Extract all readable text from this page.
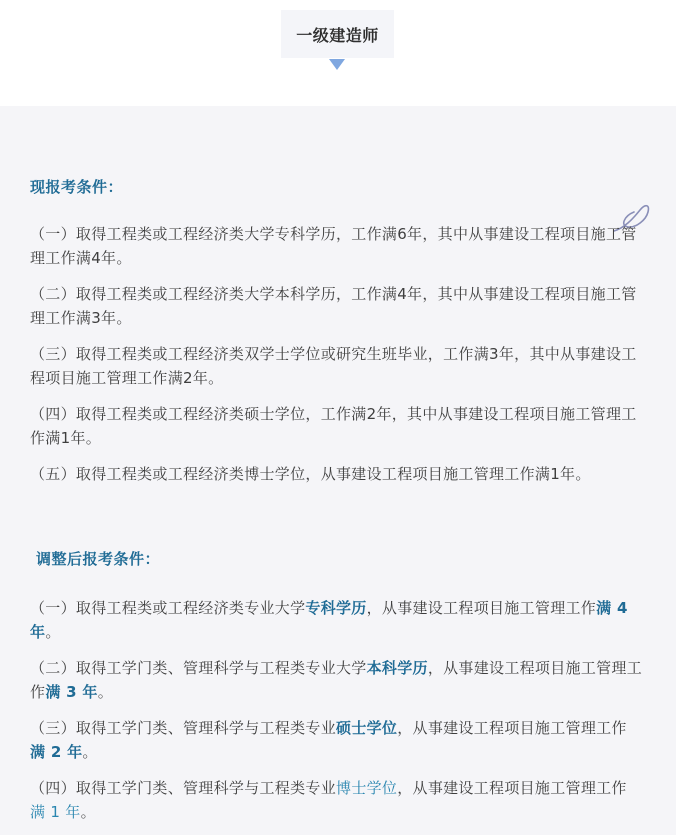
一级建造师
现报考条件：
（一）取得工程类或工程经济类大学专科学历，工作满6年，其中从事建设工程项目施工管理工作满4年。
（二）取得工程类或工程经济类大学本科学历，工作满4年，其中从事建设工程项目施工管理工作满3年。
（三）取得工程类或工程经济类双学士学位或研究生班毕业，工作满3年，其中从事建设工程项目施工管理工作满2年。
（四）取得工程类或工程经济类硕士学位，工作满2年，其中从事建设工程项目施工管理工作满1年。
（五）取得工程类或工程经济类博士学位，从事建设工程项目施工管理工作满1年。
调整后报考条件：
（一）取得工程类或工程经济类专业大学专科学历，从事建设工程项目施工管理工作满 4 年。
（二）取得工学门类、管理科学与工程类专业大学本科学历，从事建设工程项目施工管理工作满 3 年。
（三）取得工学门类、管理科学与工程类专业硕士学位，从事建设工程项目施工管理工作满 2 年。
（四）取得工学门类、管理科学与工程类专业博士学位，从事建设工程项目施工管理工作满 1 年。
